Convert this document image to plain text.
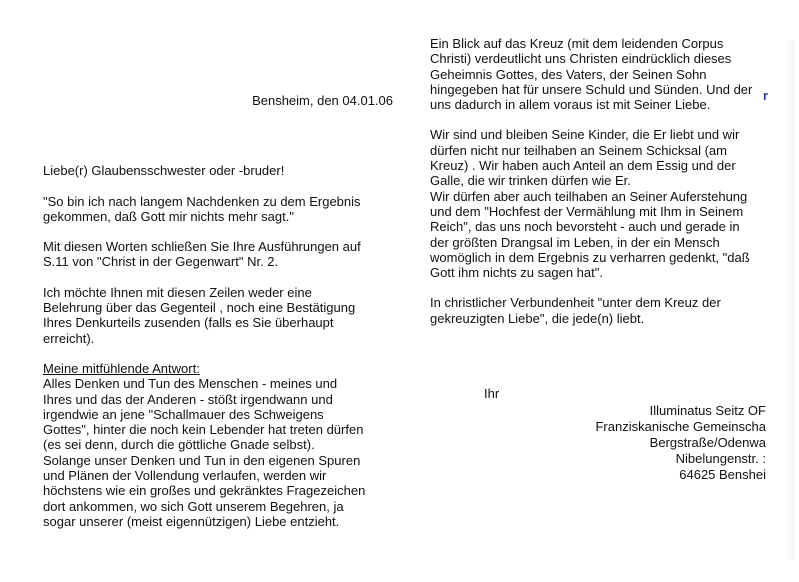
Bensheim, den 04.01.06

Liebe(r) Glaubensschwester oder -bruder!

"So bin ich nach langem Nachdenken zu dem Ergebnis
gekommen, daß Gott mir nichts mehr sagt."

Mit diesen Worten schließen Sie Ihre Ausführungen auf
S.11 von "Christ in der Gegenwart" Nr. 2.

Ich möchte Ihnen mit diesen Zeilen weder eine
Belehrung über das Gegenteil , noch eine Bestätigung
Ihres Denkurteils zusenden (falls es Sie überhaupt
erreicht).

Meine mitfühlende Antwort:

Alles Denken und Tun des Menschen - meines und
Ihres und das der Anderen - stößt irgendwann und
irgendwie an jene "Schallmauer des Schweigens
Gottes", hinter die noch kein Lebender hat treten dürfen
(es sei denn, durch die göttliche Gnade selbst).
Solange unser Denken und Tun in den eigenen Spuren
und Plänen der Vollendung verlaufen, werden wir
höchstens wie ein großes und gekränktes Fragezeichen
dort ankommen, wo sich Gott unserem Begehren, ja
sogar unserer (meist eigennützigen) Liebe entzieht.

Ein Blick auf das Kreuz (mit dem leidenden Corpus
Christi) verdeutlicht uns Christen eindrücklich dieses
Geheimnis Gottes, des Vaters, der Seinen Sohn
hingegeben hat für unsere Schuld und Sünden. Und der
uns dadurch in allem voraus ist mit Seiner Liebe.

Wir sind und bleiben Seine Kinder, die Er liebt und wir
dürfen nicht nur teilhaben an Seinem Schicksal (am
Kreuz) . Wir haben auch Anteil an dem Essig und der
Galle, die wir trinken dürfen wie Er.
Wir dürfen aber auch teilhaben an Seiner Auferstehung
und dem "Hochfest der Vermählung mit Ihm in Seinem
Reich", das uns noch bevorsteht - auch und gerade in
der größten Drangsal im Leben, in der ein Mensch
womöglich in dem Ergebnis zu verharren gedenkt, "daß
Gott ihm nichts zu sagen hat".

In christlicher Verbundenheit "unter dem Kreuz der
gekreuzigten Liebe", die jede(n) liebt.

r
Ihr
Illuminatus Seitz OF
Franziskanische Gemeinscha
Bergstraße/Odenwa
Nibelungenstr. :
64625 Benshei
